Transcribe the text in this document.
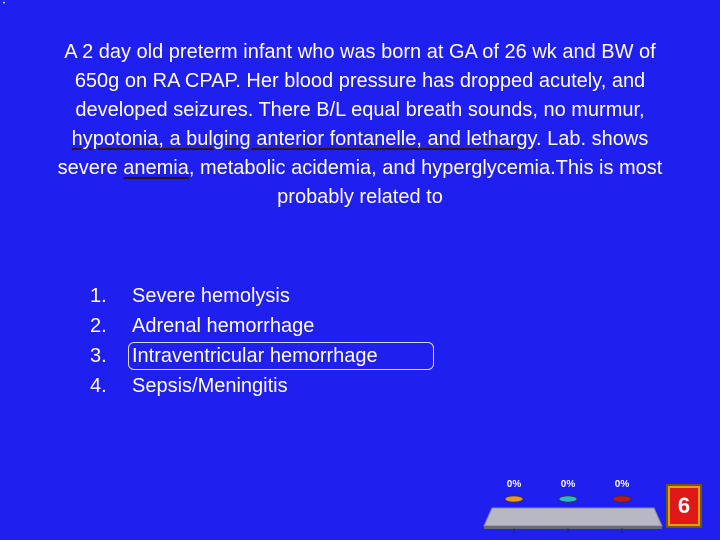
•
A 2 day old preterm infant who was born at GA of 26 wk and BW of 650g on RA CPAP. Her blood pressure has dropped acutely, and developed seizures. There B/L equal breath sounds, no murmur, hypotonia, a bulging anterior fontanelle, and lethargy. Lab. shows severe anemia, metabolic acidemia, and hyperglycemia.This is most probably related to
1. Severe hemolysis
2. Adrenal hemorrhage
3. Intraventricular hemorrhage
4. Sepsis/Meningitis
0%
1
0%
2
0%
3
6
